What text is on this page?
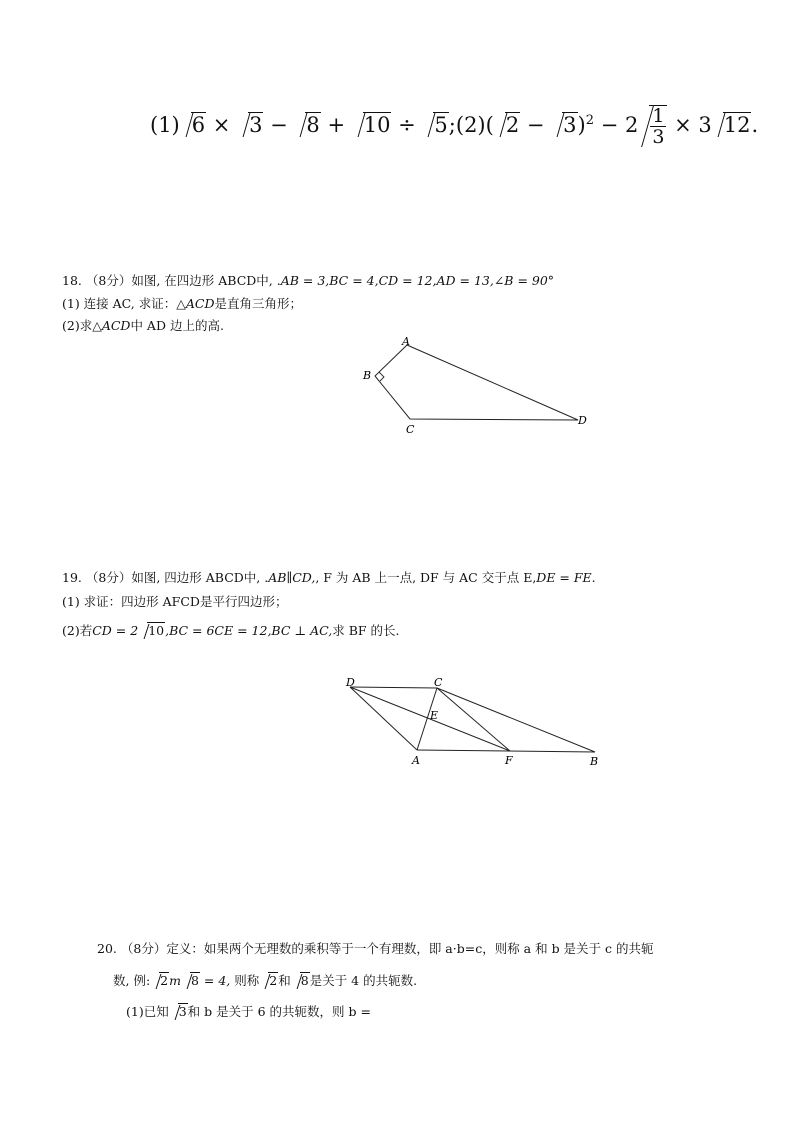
(1) 6 × 3 − 8 + 10 ÷ 5;(2)( $2 - 3)^2 - 2 \frac{1}{3} \times 3$ 12.
18. （8分）如图, 在四边形 ABCD中, .AB = 3,BC = 4,CD = 12,AD = 13,∠B = 90°
(1) 连接 AC, 求证：△ACD是直角三角形；
(2)求△ACD中 AD 边上的高.
A
B
C
D
19. （8分）如图, 四边形 ABCD中, .AB∥CD,, F 为 AB 上一点, DF 与 AC 交于点 E,DE = FE.
(1) 求证：四边形 AFCD是平行四边形；
(2)若CD = 2 10,BC = 6CE = 12,BC ⊥ AC,求 BF 的长.
D	C
E
A	F	B
20. （8分）定义：如果两个无理数的乘积等于一个有理数，即 a·b=c，则称 a 和 b 是关于 c 的共轭
数, 例: 2m 8 = 4, 则称 2和 8是关于 4 的共轭数.
(1)已知 3和 b 是关于 6 的共轭数，则 b =
